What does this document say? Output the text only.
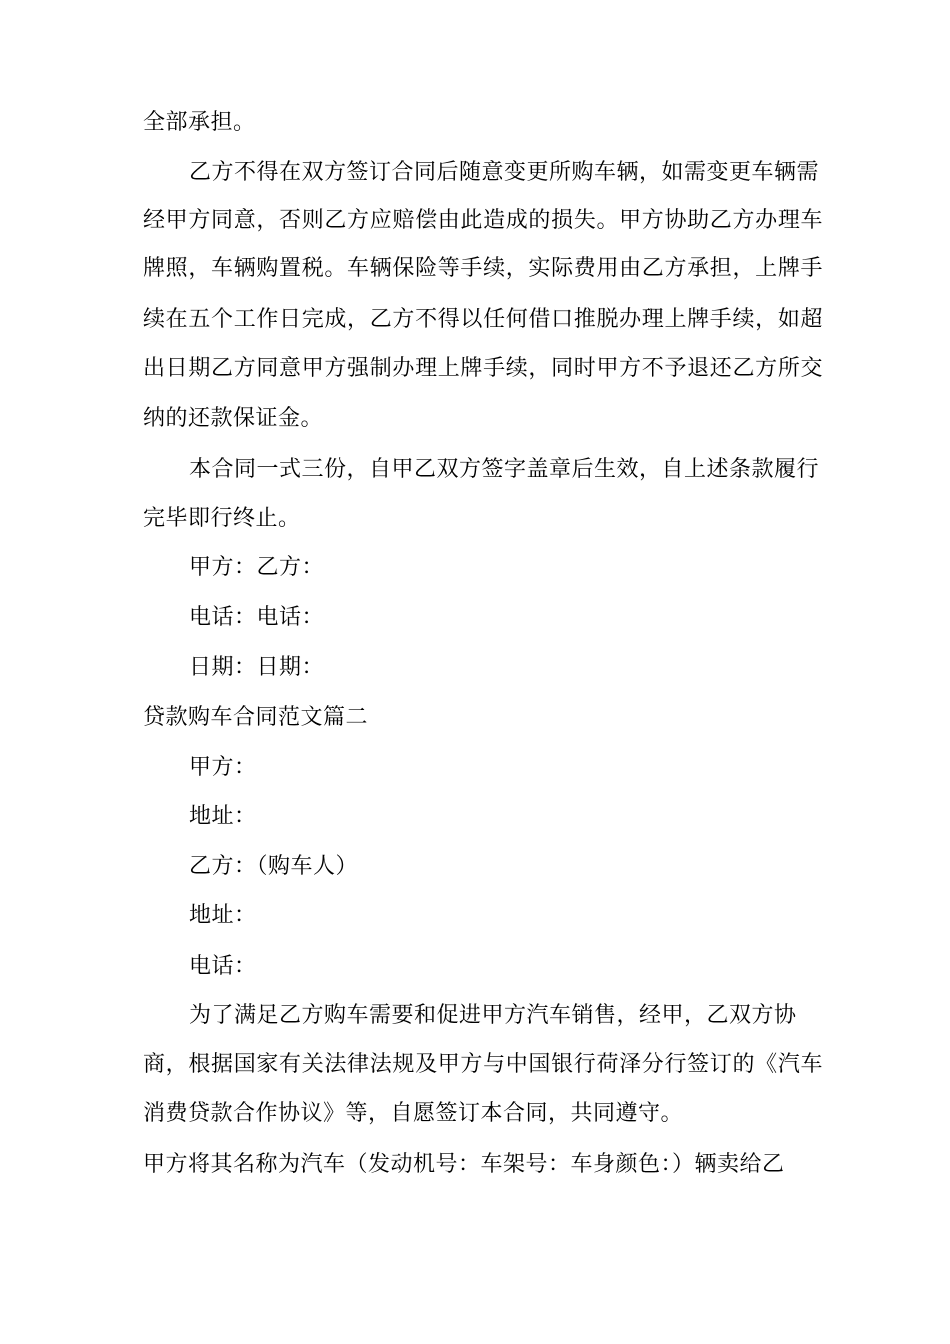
全部承担。
乙方不得在双方签订合同后随意变更所购车辆，如需变更车辆需
经甲方同意，否则乙方应赔偿由此造成的损失。甲方协助乙方办理车
牌照，车辆购置税。车辆保险等手续，实际费用由乙方承担，上牌手
续在五个工作日完成，乙方不得以任何借口推脱办理上牌手续，如超
出日期乙方同意甲方强制办理上牌手续，同时甲方不予退还乙方所交
纳的还款保证金。
本合同一式三份，自甲乙双方签字盖章后生效，自上述条款履行
完毕即行终止。
甲方：乙方：
电话：电话：
日期：日期：
贷款购车合同范文篇二
甲方：
地址：
乙方：（购车人）
地址：
电话：
为了满足乙方购车需要和促进甲方汽车销售，经甲，乙双方协
商，根据国家有关法律法规及甲方与中国银行荷泽分行签订的《汽车
消费贷款合作协议》等，自愿签订本合同，共同遵守。
甲方将其名称为汽车（发动机号：车架号：车身颜色：）辆卖给乙
